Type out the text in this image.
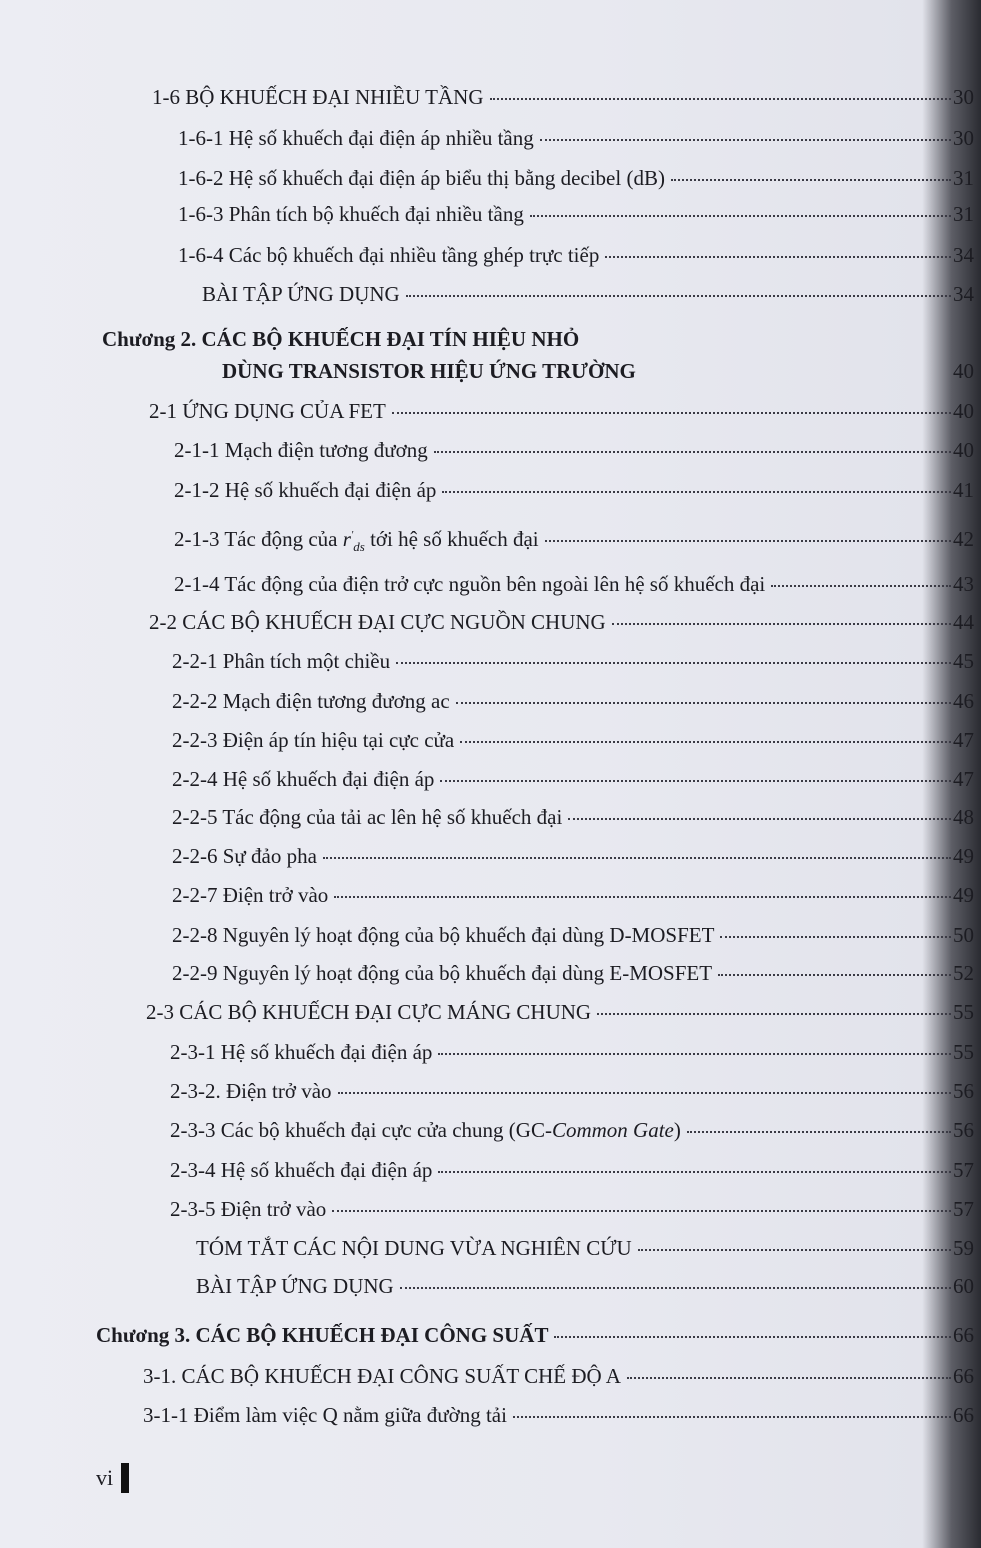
1-6 BỘ KHUẾCH ĐẠI NHIỀU TẦNG	30
1-6-1 Hệ số khuếch đại điện áp nhiều tầng	30
1-6-2 Hệ số khuếch đại điện áp biểu thị bằng decibel (dB)	31
1-6-3 Phân tích bộ khuếch đại nhiều tầng	31
1-6-4 Các bộ khuếch đại nhiều tầng ghép trực tiếp	34
BÀI TẬP ỨNG DỤNG	34
Chương 2. CÁC BỘ KHUẾCH ĐẠI TÍN HIỆU NHỎ
DÙNG TRANSISTOR HIỆU ỨNG TRƯỜNG	40
2-1 ỨNG DỤNG CỦA FET	40
2-1-1 Mạch điện tương đương	40
2-1-2 Hệ số khuếch đại điện áp	41
2-1-3 Tác động của $r'_{ds}$ tới hệ số khuếch đại	42
2-1-4 Tác động của điện trở cực nguồn bên ngoài lên hệ số khuếch đại	43
2-2 CÁC BỘ KHUẾCH ĐẠI CỰC NGUỒN CHUNG	44
2-2-1 Phân tích một chiều	45
2-2-2 Mạch điện tương đương ac	46
2-2-3 Điện áp tín hiệu tại cực cửa	47
2-2-4 Hệ số khuếch đại điện áp	47
2-2-5 Tác động của tải ac lên hệ số khuếch đại	48
2-2-6 Sự đảo pha	49
2-2-7 Điện trở vào	49
2-2-8 Nguyên lý hoạt động của bộ khuếch đại dùng D-MOSFET	50
2-2-9 Nguyên lý hoạt động của bộ khuếch đại dùng E-MOSFET	52
2-3 CÁC BỘ KHUẾCH ĐẠI CỰC MÁNG CHUNG	55
2-3-1 Hệ số khuếch đại điện áp	55
2-3-2. Điện trở vào	56
2-3-3 Các bộ khuếch đại cực cửa chung (GC-Common Gate)	56
2-3-4 Hệ số khuếch đại điện áp	57
2-3-5 Điện trở vào	57
TÓM TẮT CÁC NỘI DUNG VỪA NGHIÊN CỨU	59
BÀI TẬP ỨNG DỤNG	60
Chương 3. CÁC BỘ KHUẾCH ĐẠI CÔNG SUẤT	66
3-1. CÁC BỘ KHUẾCH ĐẠI CÔNG SUẤT CHẾ ĐỘ A	66
3-1-1 Điểm làm việc Q nằm giữa đường tải	66
vi
